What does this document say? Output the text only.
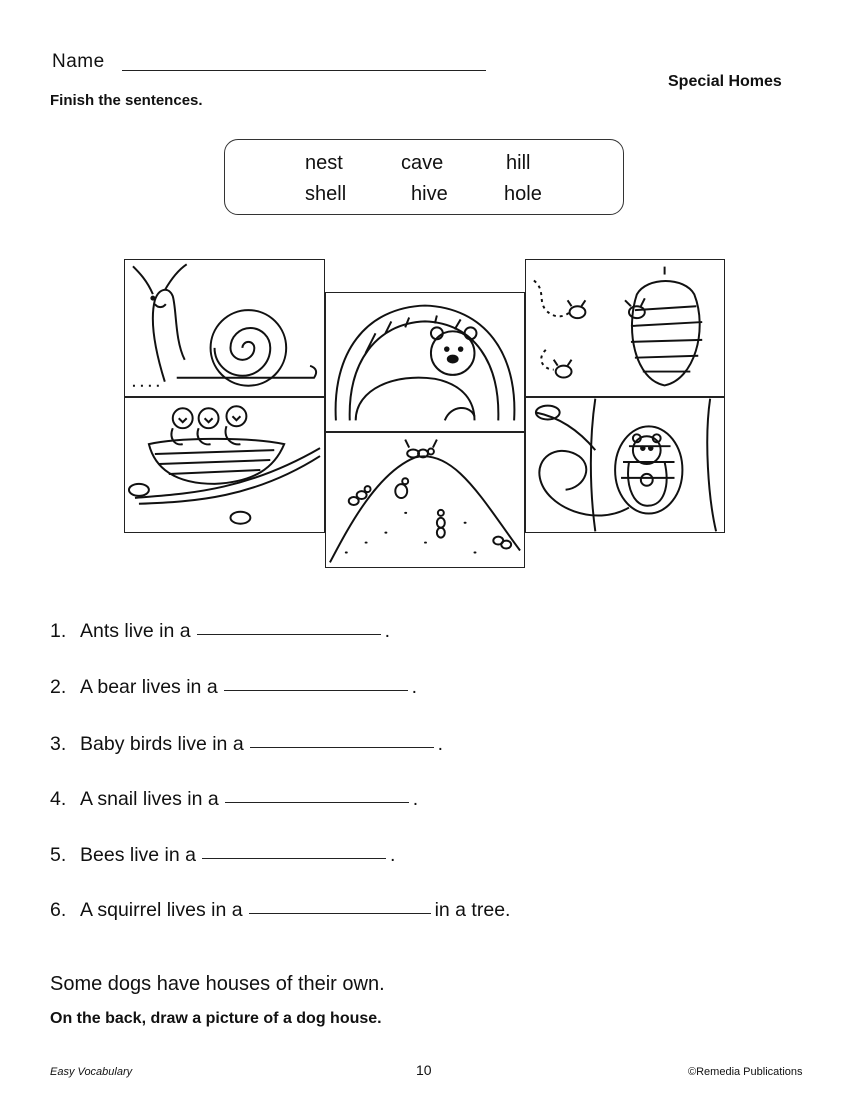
Name
Special Homes
Finish the sentences.
nest	cave	hill
shell	hive	hole
1. Ants live in a	.
2. A bear lives in a	.
3. Baby birds live in a	.
4. A snail lives in a	.
5. Bees live in a	.
6. A squirrel lives in a	in a tree.
Some dogs have houses of their own.
On the back, draw a picture of a dog house.
Easy Vocabulary	10	©Remedia Publications
